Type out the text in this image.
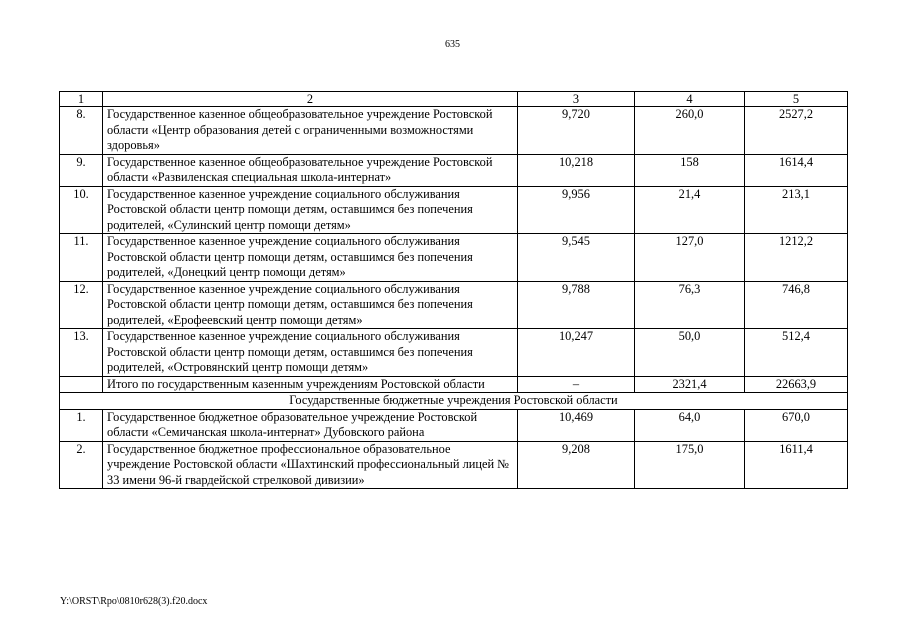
635
1	2	3	4	5
8.	Государственное казенное общеобразовательное учреждение Ростовской области «Центр образования детей с ограниченными возможностями здоровья»	9,720	260,0	2527,2
9.	Государственное казенное общеобразовательное учреждение Ростовской области «Развиленская специальная школа-интернат»	10,218	158	1614,4
10.	Государственное казенное учреждение социального обслуживания Ростовской области центр помощи детям, оставшимся без попечения родителей, «Сулинский центр помощи детям»	9,956	21,4	213,1
11.	Государственное казенное учреждение социального обслуживания Ростовской области центр помощи детям, оставшимся без попечения родителей, «Донецкий центр помощи детям»	9,545	127,0	1212,2
12.	Государственное казенное учреждение социального обслуживания Ростовской области центр помощи детям, оставшимся без попечения родителей, «Ерофеевский центр помощи детям»	9,788	76,3	746,8
13.	Государственное казенное учреждение социального обслуживания Ростовской области центр помощи детям, оставшимся без попечения родителей, «Островянский центр помощи детям»	10,247	50,0	512,4
	Итого по государственным казенным учреждениям Ростовской области	–	2321,4	22663,9
Государственные бюджетные учреждения Ростовской области				
1.	Государственное бюджетное образовательное учреждение Ростовской области «Семичанская школа-интернат» Дубовского района	10,469	64,0	670,0
2.	Государственное бюджетное профессиональное образовательное учреждение Ростовской области «Шахтинский профессиональный лицей № 33 имени 96-й гвардейской стрелковой дивизии»	9,208	175,0	1611,4
Y:\ORST\Rpo\0810r628(3).f20.docx
